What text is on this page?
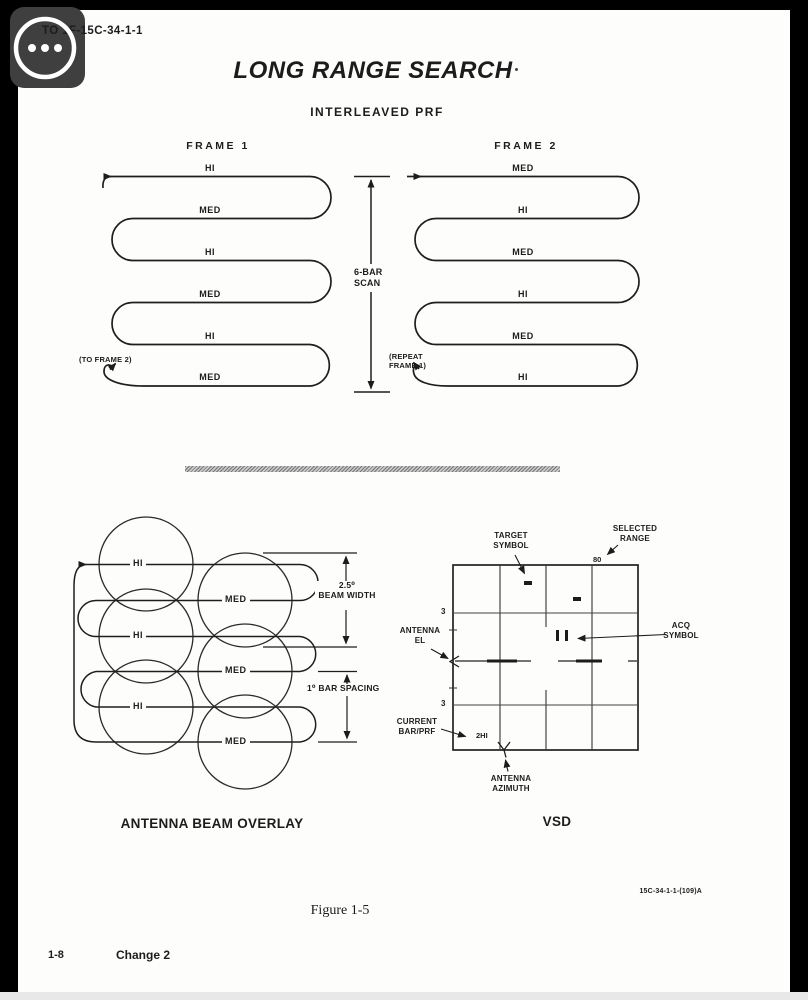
TO 1F-15C-34-1-1
LONG RANGE SEARCH
INTERLEAVED PRF
FRAME 1	FRAME 2
HI
MED
HI
MED
HI
MED
MED
HI
MED
HI
MED
HI
(TO FRAME 2)	(REPEAT
FRAME 1)
6-BAR
SCAN
HI
MED
HI
MED
HI
MED
2.5⁰
BEAM WIDTH
1⁰ BAR SPACING
ANTENNA BEAM OVERLAY	VSD
TARGET
SYMBOL
SELECTED
RANGE
ANTENNA
EL
ACQ
SYMBOL
CURRENT
BAR/PRF
ANTENNA
AZIMUTH
80
2HI
3
3
15C-34-1-1-(109)A
Figure 1-5
1-8	Change 2
